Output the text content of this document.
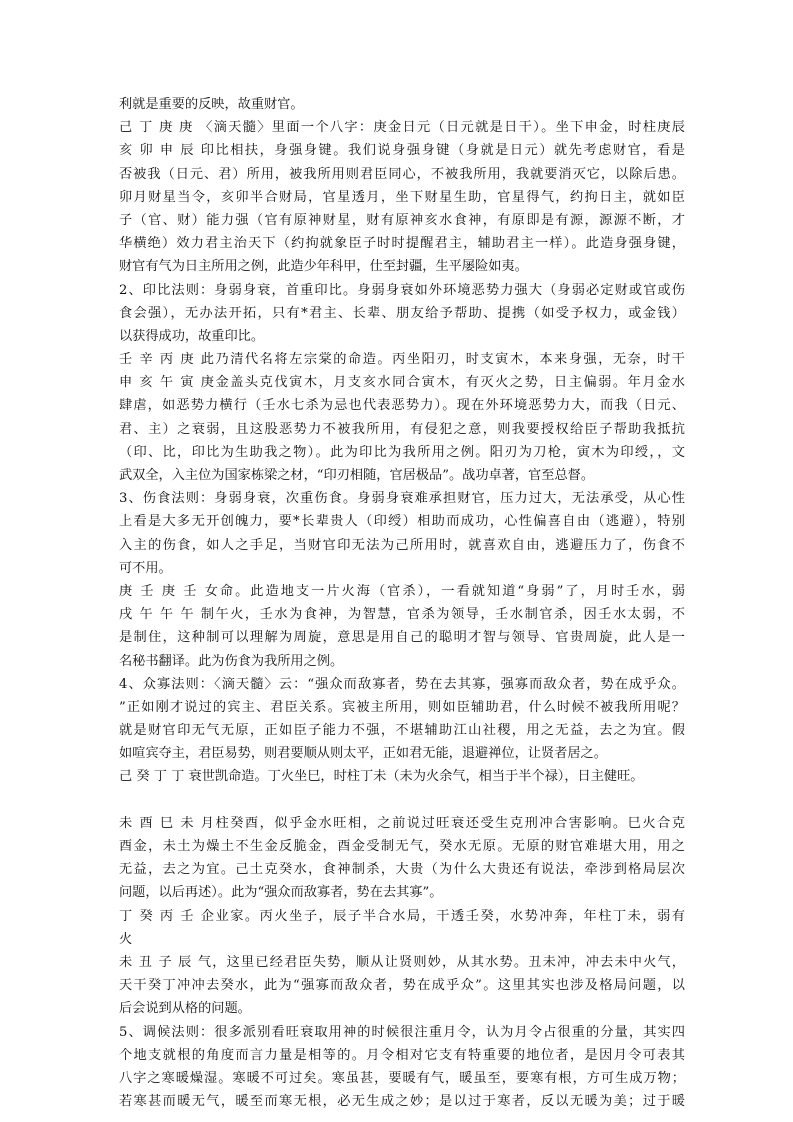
利就是重要的反映，故重财官。
己 丁 庚 庚 〈滴天髓〉里面一个八字：庚金日元（日元就是日干）。坐下申金，时柱庚辰
亥 卯 申 辰 印比相扶，身强身键。我们说身强身键（身就是日元）就先考虑财官，看是
否被我（日元、君）所用，被我所用则君臣同心，不被我所用，我就要消灭它，以除后患。
卯月财星当令，亥卯半合财局，官星透月，坐下财星生助，官星得气，约拘日主，就如臣
子（官、财）能力强（官有原神财星，财有原神亥水食神，有原即是有源，源源不断，才
华横绝）效力君主治天下（约拘就象臣子时时提醒君主，辅助君主一样）。此造身强身键，
财官有气为日主所用之例，此造少年科甲，仕至封疆，生平屡险如夷。
2、印比法则：身弱身衰，首重印比。身弱身衰如外环境恶势力强大（身弱必定财或官或伤
食会强），无办法开拓，只有*君主、长辈、朋友给予帮助、提携（如受予权力，或金钱）
以获得成功，故重印比。
壬 辛 丙 庚 此乃清代名将左宗棠的命造。丙坐阳刃，时支寅木，本来身强，无奈，时干
申 亥 午 寅 庚金盖头克伐寅木，月支亥水同合寅木，有灭火之势，日主偏弱。年月金水
肆虐，如恶势力横行（壬水七杀为忌也代表恶势力）。现在外环境恶势力大，而我（日元、
君、主）之衰弱，且这股恶势力不被我所用，有侵犯之意，则我要授权给臣子帮助我抵抗
（印、比，印比为生助我之物）。此为印比为我所用之例。阳刃为刀枪，寅木为印绶，，文
武双全，入主位为国家栋梁之材，“印刃相随，官居极品”。战功卓著，官至总督。
3、伤食法则：身弱身衰，次重伤食。身弱身衰难承担财官，压力过大，无法承受，从心性
上看是大多无开创魄力，要*长辈贵人（印绶）相助而成功，心性偏喜自由（逃避），特别
入主的伤食，如人之手足，当财官印无法为己所用时，就喜欢自由，逃避压力了，伤食不
可不用。
庚 壬 庚 壬 女命。此造地支一片火海（官杀），一看就知道“身弱”了，月时壬水，弱
戌 午 午 午 制午火，壬水为食神，为智慧，官杀为领导，壬水制官杀，因壬水太弱，不
是制住，这种制可以理解为周旋，意思是用自己的聪明才智与领导、官贵周旋，此人是一
名秘书翻译。此为伤食为我所用之例。
4、众寡法则：〈滴天髓〉云：“强众而敌寡者，势在去其寡，强寡而敌众者，势在成乎众。
”正如刚才说过的宾主、君臣关系。宾被主所用，则如臣辅助君，什么时候不被我所用呢？
就是财官印无气无原，正如臣子能力不强，不堪辅助江山社稷，用之无益，去之为宜。假
如喧宾夺主，君臣易势，则君要顺从则太平，正如君无能，退避禅位，让贤者居之。
己 癸 丁 丁 衰世凯命造。丁火坐巳，时柱丁未（未为火余气，相当于半个禄），日主健旺。
未 酉 巳 未 月柱癸酉，似乎金水旺相，之前说过旺衰还受生克刑冲合害影响。巳火合克
酉金，未土为燥土不生金反脆金，酉金受制无气，癸水无原。无原的财官难堪大用，用之
无益，去之为宜。己土克癸水，食神制杀，大贵（为什么大贵还有说法，牵涉到格局层次
问题，以后再述）。此为“强众而敌寡者，势在去其寡”。
丁 癸 丙 壬 企业家。丙火坐子，辰子半合水局，干透壬癸，水势冲奔，年柱丁未，弱有
火
未 丑 子 辰 气，这里已经君臣失势，顺从让贤则妙，从其水势。丑未冲，冲去未中火气，
天干癸丁冲冲去癸水，此为“强寡而敌众者，势在成乎众”。这里其实也涉及格局问题，以
后会说到从格的问题。
5、调候法则：很多派别看旺衰取用神的时候很注重月令，认为月令占很重的分量，其实四
个地支就根的角度而言力量是相等的。月令相对它支有特重要的地位者，是因月令可表其
八字之寒暖燥湿。寒暖不可过矣。寒虽甚，要暖有气，暖虽至，要寒有根，方可生成万物；
若寒甚而暖无气，暖至而寒无根，必无生成之妙；是以过于寒者，反以无暖为美；过于暖
